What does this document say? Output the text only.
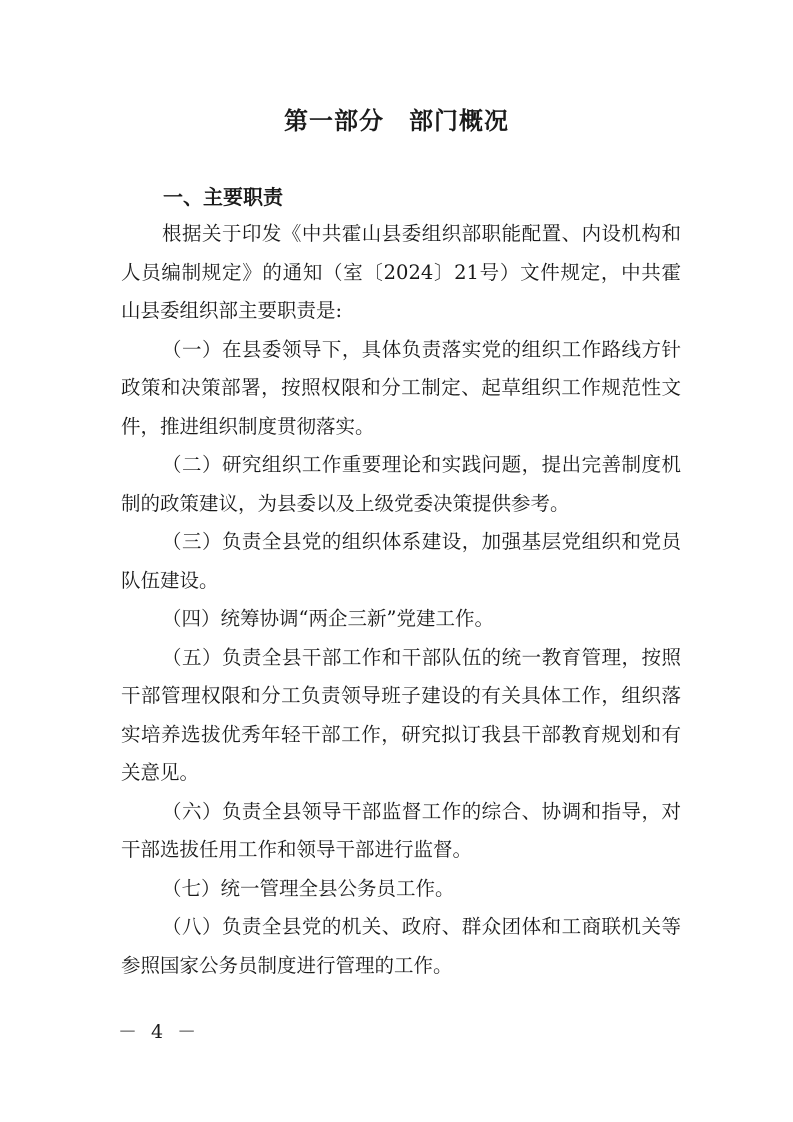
第一部分　部门概况
一、主要职责

根据关于印发《中共霍山县委组织部职能配置、内设机构和人员编制规定》的通知（室〔2024〕21号）文件规定，中共霍山县委组织部主要职责是:

（一）在县委领导下，具体负责落实党的组织工作路线方针政策和决策部署，按照权限和分工制定、起草组织工作规范性文件，推进组织制度贯彻落实。

（二）研究组织工作重要理论和实践问题，提出完善制度机制的政策建议，为县委以及上级党委决策提供参考。

（三）负责全县党的组织体系建设，加强基层党组织和党员队伍建设。

（四）统筹协调“两企三新”党建工作。

（五）负责全县干部工作和干部队伍的统一教育管理，按照干部管理权限和分工负责领导班子建设的有关具体工作，组织落实培养选拔优秀年轻干部工作，研究拟订我县干部教育规划和有关意见。

（六）负责全县领导干部监督工作的综合、协调和指导，对干部选拔任用工作和领导干部进行监督。

（七）统一管理全县公务员工作。

（八）负责全县党的机关、政府、群众团体和工商联机关等参照国家公务员制度进行管理的工作。

－ 4 －
